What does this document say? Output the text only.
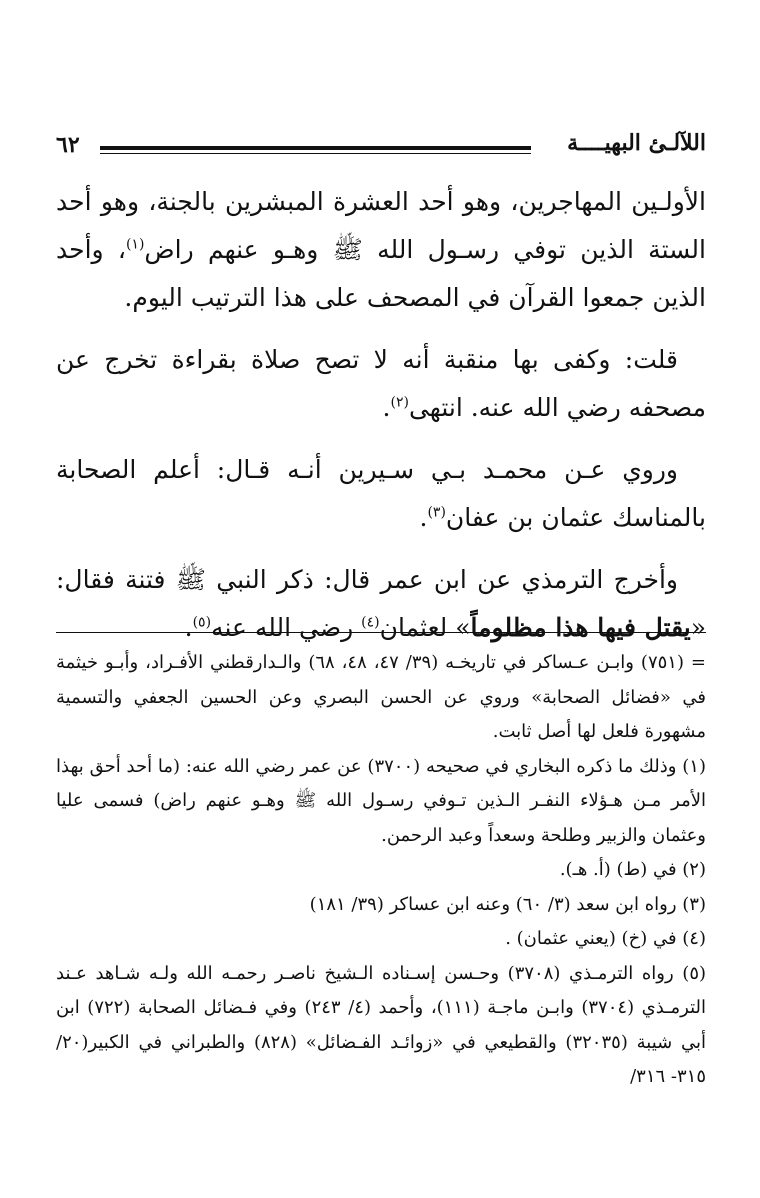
٦٢	اللآلـئ البهيــــة

الأولـين المهاجرين، وهو أحد العشرة المبشرين بالجنة، وهو أحد الستة الذين توفي رسـول الله ﷺ وهـو عنهم راض$^{(١)}$، وأحد الذين جمعوا القرآن في المصحف على هذا الترتيب اليوم.

قلت: وكفى بها منقبة أنه لا تصح صلاة بقراءة تخرج عن مصحفه رضي الله عنه. انتهى$^{(٢)}$.

وروي عـن محمـد بـي سـيرين أنـه قـال: أعلم الصحابة بالمناسك عثمان بن عفان$^{(٣)}$.

وأخرج الترمذي عن ابن عمر قال: ذكر النبي ﷺ فتنة فقال: «يقتل فيها هذا مظلوماً» لعثمان$^{(٤)}$ رضي الله عنه$^{(٥)}$.

= (٧٥١) وابـن عـساكر في تاريخـه (٣٩/ ٤٧، ٤٨، ٦٨) والـدارقطني الأفـراد، وأبـو خيثمة في «فضائل الصحابة» وروي عن الحسن البصري وعن الحسين الجعفي والتسمية مشهورة فلعل لها أصل ثابت.

(١) وذلك ما ذكره البخاري في صحيحه (٣٧٠٠) عن عمر رضي الله عنه: (ما أحد أحق بهذا الأمر مـن هـؤلاء النفـر الـذين تـوفي رسـول الله ﷺ وهـو عنهم راض) فسمى عليا وعثمان والزبير وطلحة وسعداً وعبد الرحمن.

(٢) في (ط) (أ. هـ).

(٣) رواه ابن سعد (٣/ ٦٠) وعنه ابن عساكر (٣٩/ ١٨١)

(٤) في (خ) (يعني عثمان) .

(٥) رواه الترمـذي (٣٧٠٨) وحـسن إسـناده الـشيخ ناصـر رحمـه الله ولـه شـاهد عـند الترمـذي (٣٧٠٤) وابـن ماجـة (١١١)، وأحمد (٤/ ٢٤٣) وفي فـضائل الصحابة (٧٢٢) ابن أبي شيبة (٣٢٠٣٥) والقطيعي في «زوائـد الفـضائل» (٨٢٨) والطبراني في الكبير(٢٠/ ٣١٥- ٣١٦/
